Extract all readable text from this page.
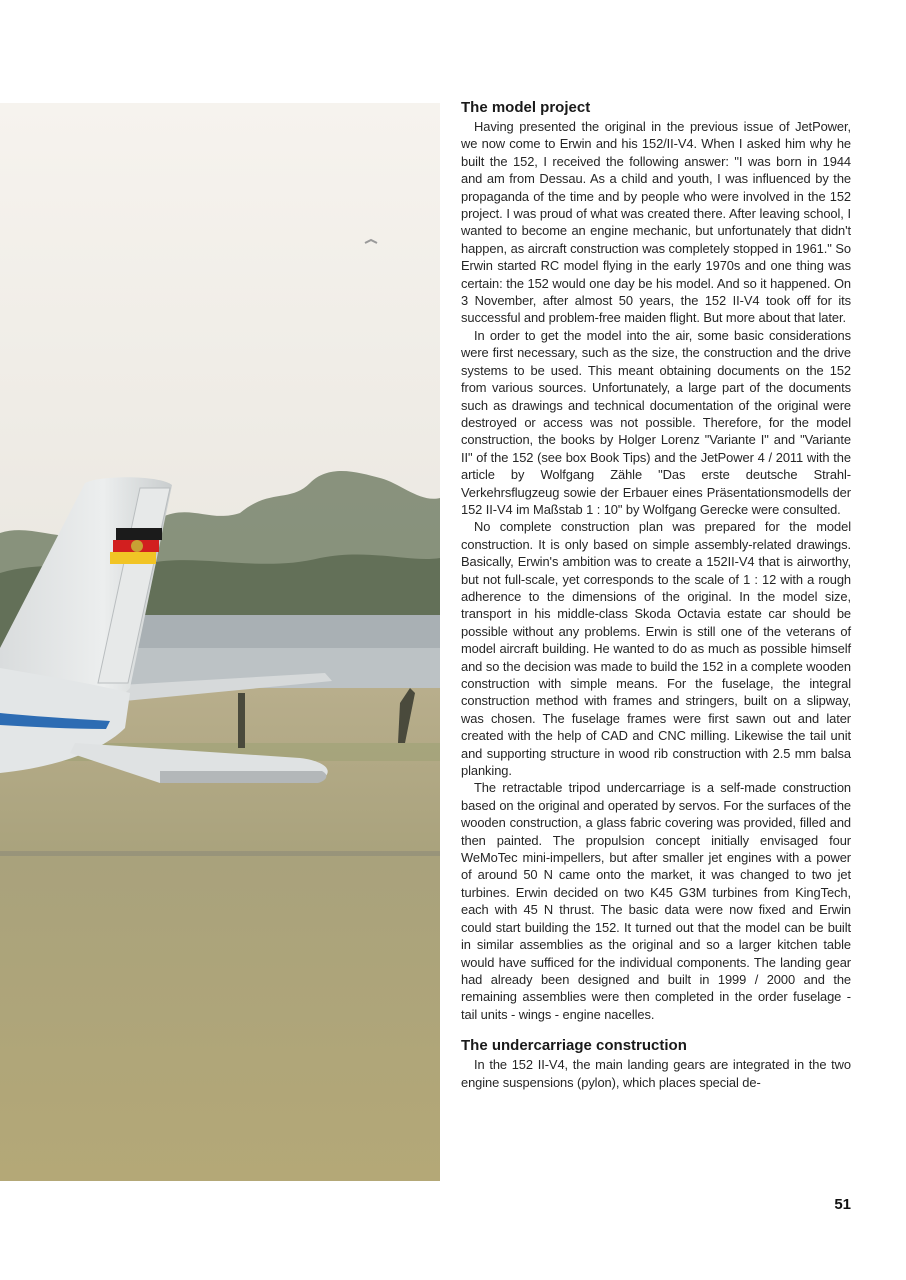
The model project

Having presented the original in the previous issue of JetPower, we now come to Erwin and his 152/II-V4. When I asked him why he built the 152, I received the following answer: "I was born in 1944 and am from Dessau. As a child and youth, I was influenced by the propaganda of the time and by people who were involved in the 152 project. I was proud of what was created there. After leaving school, I wanted to become an engine mechanic, but unfortunately that didn't happen, as aircraft construction was completely stopped in 1961." So Erwin started RC model flying in the early 1970s and one thing was certain: the 152 would one day be his model. And so it happened. On 3 November, after almost 50 years, the 152 II-V4 took off for its successful and problem-free maiden flight. But more about that later.

In order to get the model into the air, some basic considerations were first necessary, such as the size, the construction and the drive systems to be used. This meant obtaining documents on the 152 from various sources. Unfortunately, a large part of the documents such as drawings and technical documentation of the original were destroyed or access was not possible. Therefore, for the model construction, the books by Holger Lorenz "Variante I" and "Variante II" of the 152 (see box Book Tips) and the JetPower 4 / 2011 with the article by Wolfgang Zähle "Das erste deutsche Strahl-Verkehrsflugzeug sowie der Erbauer eines Präsentationsmodells der 152 II-V4 im Maßstab 1 : 10" by Wolfgang Gerecke were consulted.

No complete construction plan was prepared for the model construction. It is only based on simple assembly-related drawings. Basically, Erwin's ambition was to create a 152II-V4 that is airworthy, but not full-scale, yet corresponds to the scale of 1 : 12 with a rough adherence to the dimensions of the original. In the model size, transport in his middle-class Skoda Octavia estate car should be possible without any problems. Erwin is still one of the veterans of model aircraft building. He wanted to do as much as possible himself and so the decision was made to build the 152 in a complete wooden construction with simple means. For the fuselage, the integral construction method with frames and stringers, built on a slipway, was chosen. The fuselage frames were first sawn out and later created with the help of CAD and CNC milling. Likewise the tail unit and supporting structure in wood rib construction with 2.5 mm balsa planking.

The retractable tripod undercarriage is a self-made construction based on the original and operated by servos. For the surfaces of the wooden construction, a glass fabric covering was provided, filled and then painted. The propulsion concept initially envisaged four WeMoTec mini-impellers, but after smaller jet engines with a power of around 50 N came onto the market, it was changed to two jet turbines. Erwin decided on two K45 G3M turbines from KingTech, each with 45 N thrust. The basic data were now fixed and Erwin could start building the 152. It turned out that the model can be built in similar assemblies as the original and so a larger kitchen table would have sufficed for the individual components. The landing gear had already been designed and built in 1999 / 2000 and the remaining assemblies were then completed in the order fuselage - tail units - wings - engine nacelles.

The undercarriage construction

In the 152 II-V4, the main landing gears are integrated in the two engine suspensions (pylon), which places special de-

51
